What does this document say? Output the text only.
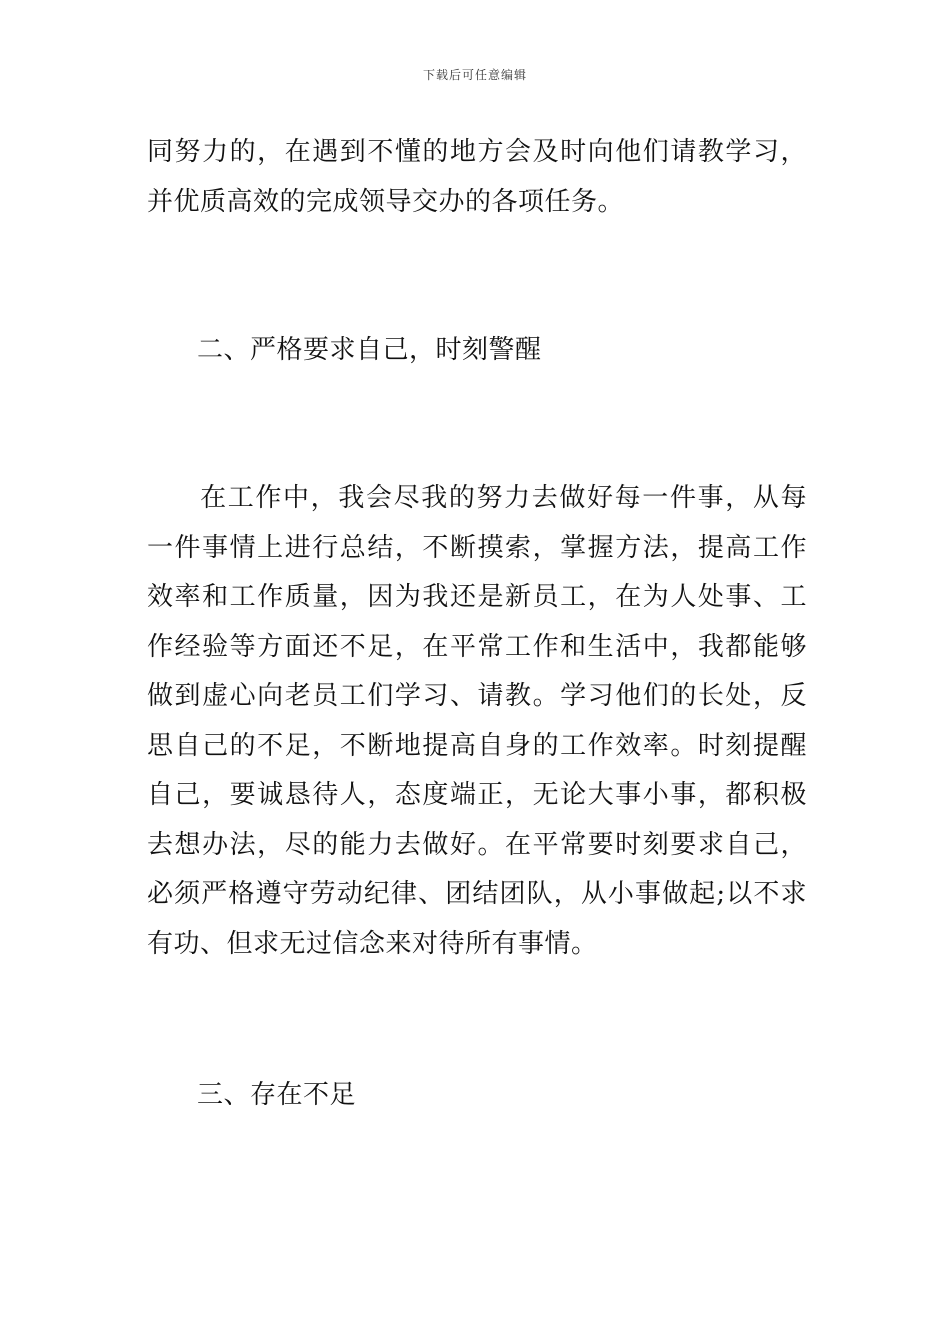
下载后可任意编辑
同努力的，在遇到不懂的地方会及时向他们请教学习，并优质高效的完成领导交办的各项任务。
二、严格要求自己，时刻警醒
在工作中，我会尽我的努力去做好每一件事，从每一件事情上进行总结，不断摸索，掌握方法，提高工作效率和工作质量，因为我还是新员工，在为人处事、工作经验等方面还不足，在平常工作和生活中，我都能够做到虚心向老员工们学习、请教。学习他们的长处，反思自己的不足，不断地提高自身的工作效率。时刻提醒自己，要诚恳待人，态度端正，无论大事小事，都积极去想办法，尽的能力去做好。在平常要时刻要求自己，必须严格遵守劳动纪律、团结团队，从小事做起;以不求有功、但求无过信念来对待所有事情。
三、存在不足
